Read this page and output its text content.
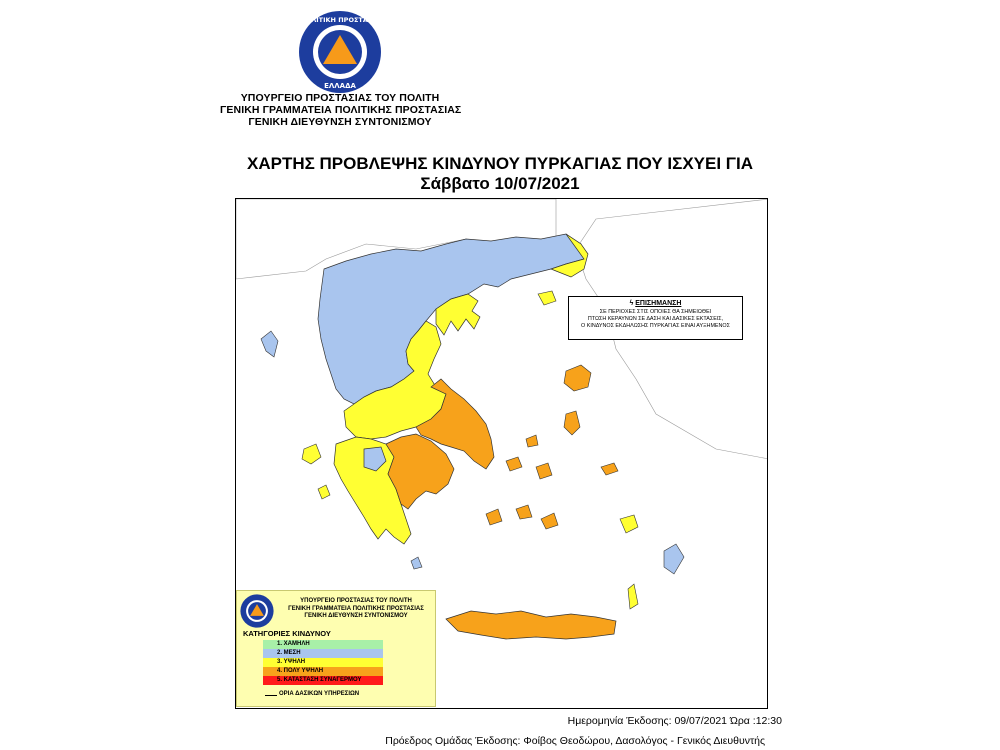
ΠΟΛΙΤΙΚΗ ΠΡΟΣΤΑΣΙΑ
ΕΛΛΑΔΑ
ΥΠΟΥΡΓΕΙΟ ΠΡΟΣΤΑΣΙΑΣ ΤΟΥ ΠΟΛΙΤΗ
ΓΕΝΙΚΗ ΓΡΑΜΜΑΤΕΙΑ ΠΟΛΙΤΙΚΗΣ ΠΡΟΣΤΑΣΙΑΣ
ΓΕΝΙΚΗ ΔΙΕΥΘΥΝΣΗ ΣΥΝΤΟΝΙΣΜΟΥ
ΧΑΡΤΗΣ ΠΡΟΒΛΕΨΗΣ ΚΙΝΔΥΝΟΥ ΠΥΡΚΑΓΙΑΣ ΠΟΥ ΙΣΧΥΕΙ ΓΙΑ
Σάββατο 10/07/2021
ϟ ΕΠΙΣΗΜΑΝΣΗ
ΣΕ ΠΕΡΙΟΧΕΣ ΣΤΙΣ ΟΠΟΙΕΣ ΘΑ ΣΗΜΕΙΩΘΕΙ
ΠΤΩΣΗ ΚΕΡΑΥΝΩΝ ΣΕ ΔΑΣΗ ΚΑΙ ΔΑΣΙΚΕΣ ΕΚΤΑΣΕΙΣ,
Ο ΚΙΝΔΥΝΟΣ ΕΚΔΗΛΩΣΗΣ ΠΥΡΚΑΓΙΑΣ ΕΙΝΑΙ ΑΥΞΗΜΕΝΟΣ
ΥΠΟΥΡΓΕΙΟ ΠΡΟΣΤΑΣΙΑΣ ΤΟΥ ΠΟΛΙΤΗ
ΓΕΝΙΚΗ ΓΡΑΜΜΑΤΕΙΑ ΠΟΛΙΤΙΚΗΣ ΠΡΟΣΤΑΣΙΑΣ
ΓΕΝΙΚΗ ΔΙΕΥΘΥΝΣΗ ΣΥΝΤΟΝΙΣΜΟΥ
ΚΑΤΗΓΟΡΙΕΣ ΚΙΝΔΥΝΟΥ
1. ΧΑΜΗΛΗ
2. ΜΕΣΗ
3. ΥΨΗΛΗ
4. ΠΟΛΥ ΥΨΗΛΗ
5. ΚΑΤΑΣΤΑΣΗ ΣΥΝΑΓΕΡΜΟΥ
ΟΡΙΑ ΔΑΣΙΚΩΝ ΥΠΗΡΕΣΙΩΝ
Ημερομηνία Έκδοσης: 09/07/2021 Ώρα :12:30
Πρόεδρος Ομάδας Έκδοσης: Φοίβος Θεοδώρου, Δασολόγος - Γενικός Διευθυντής
